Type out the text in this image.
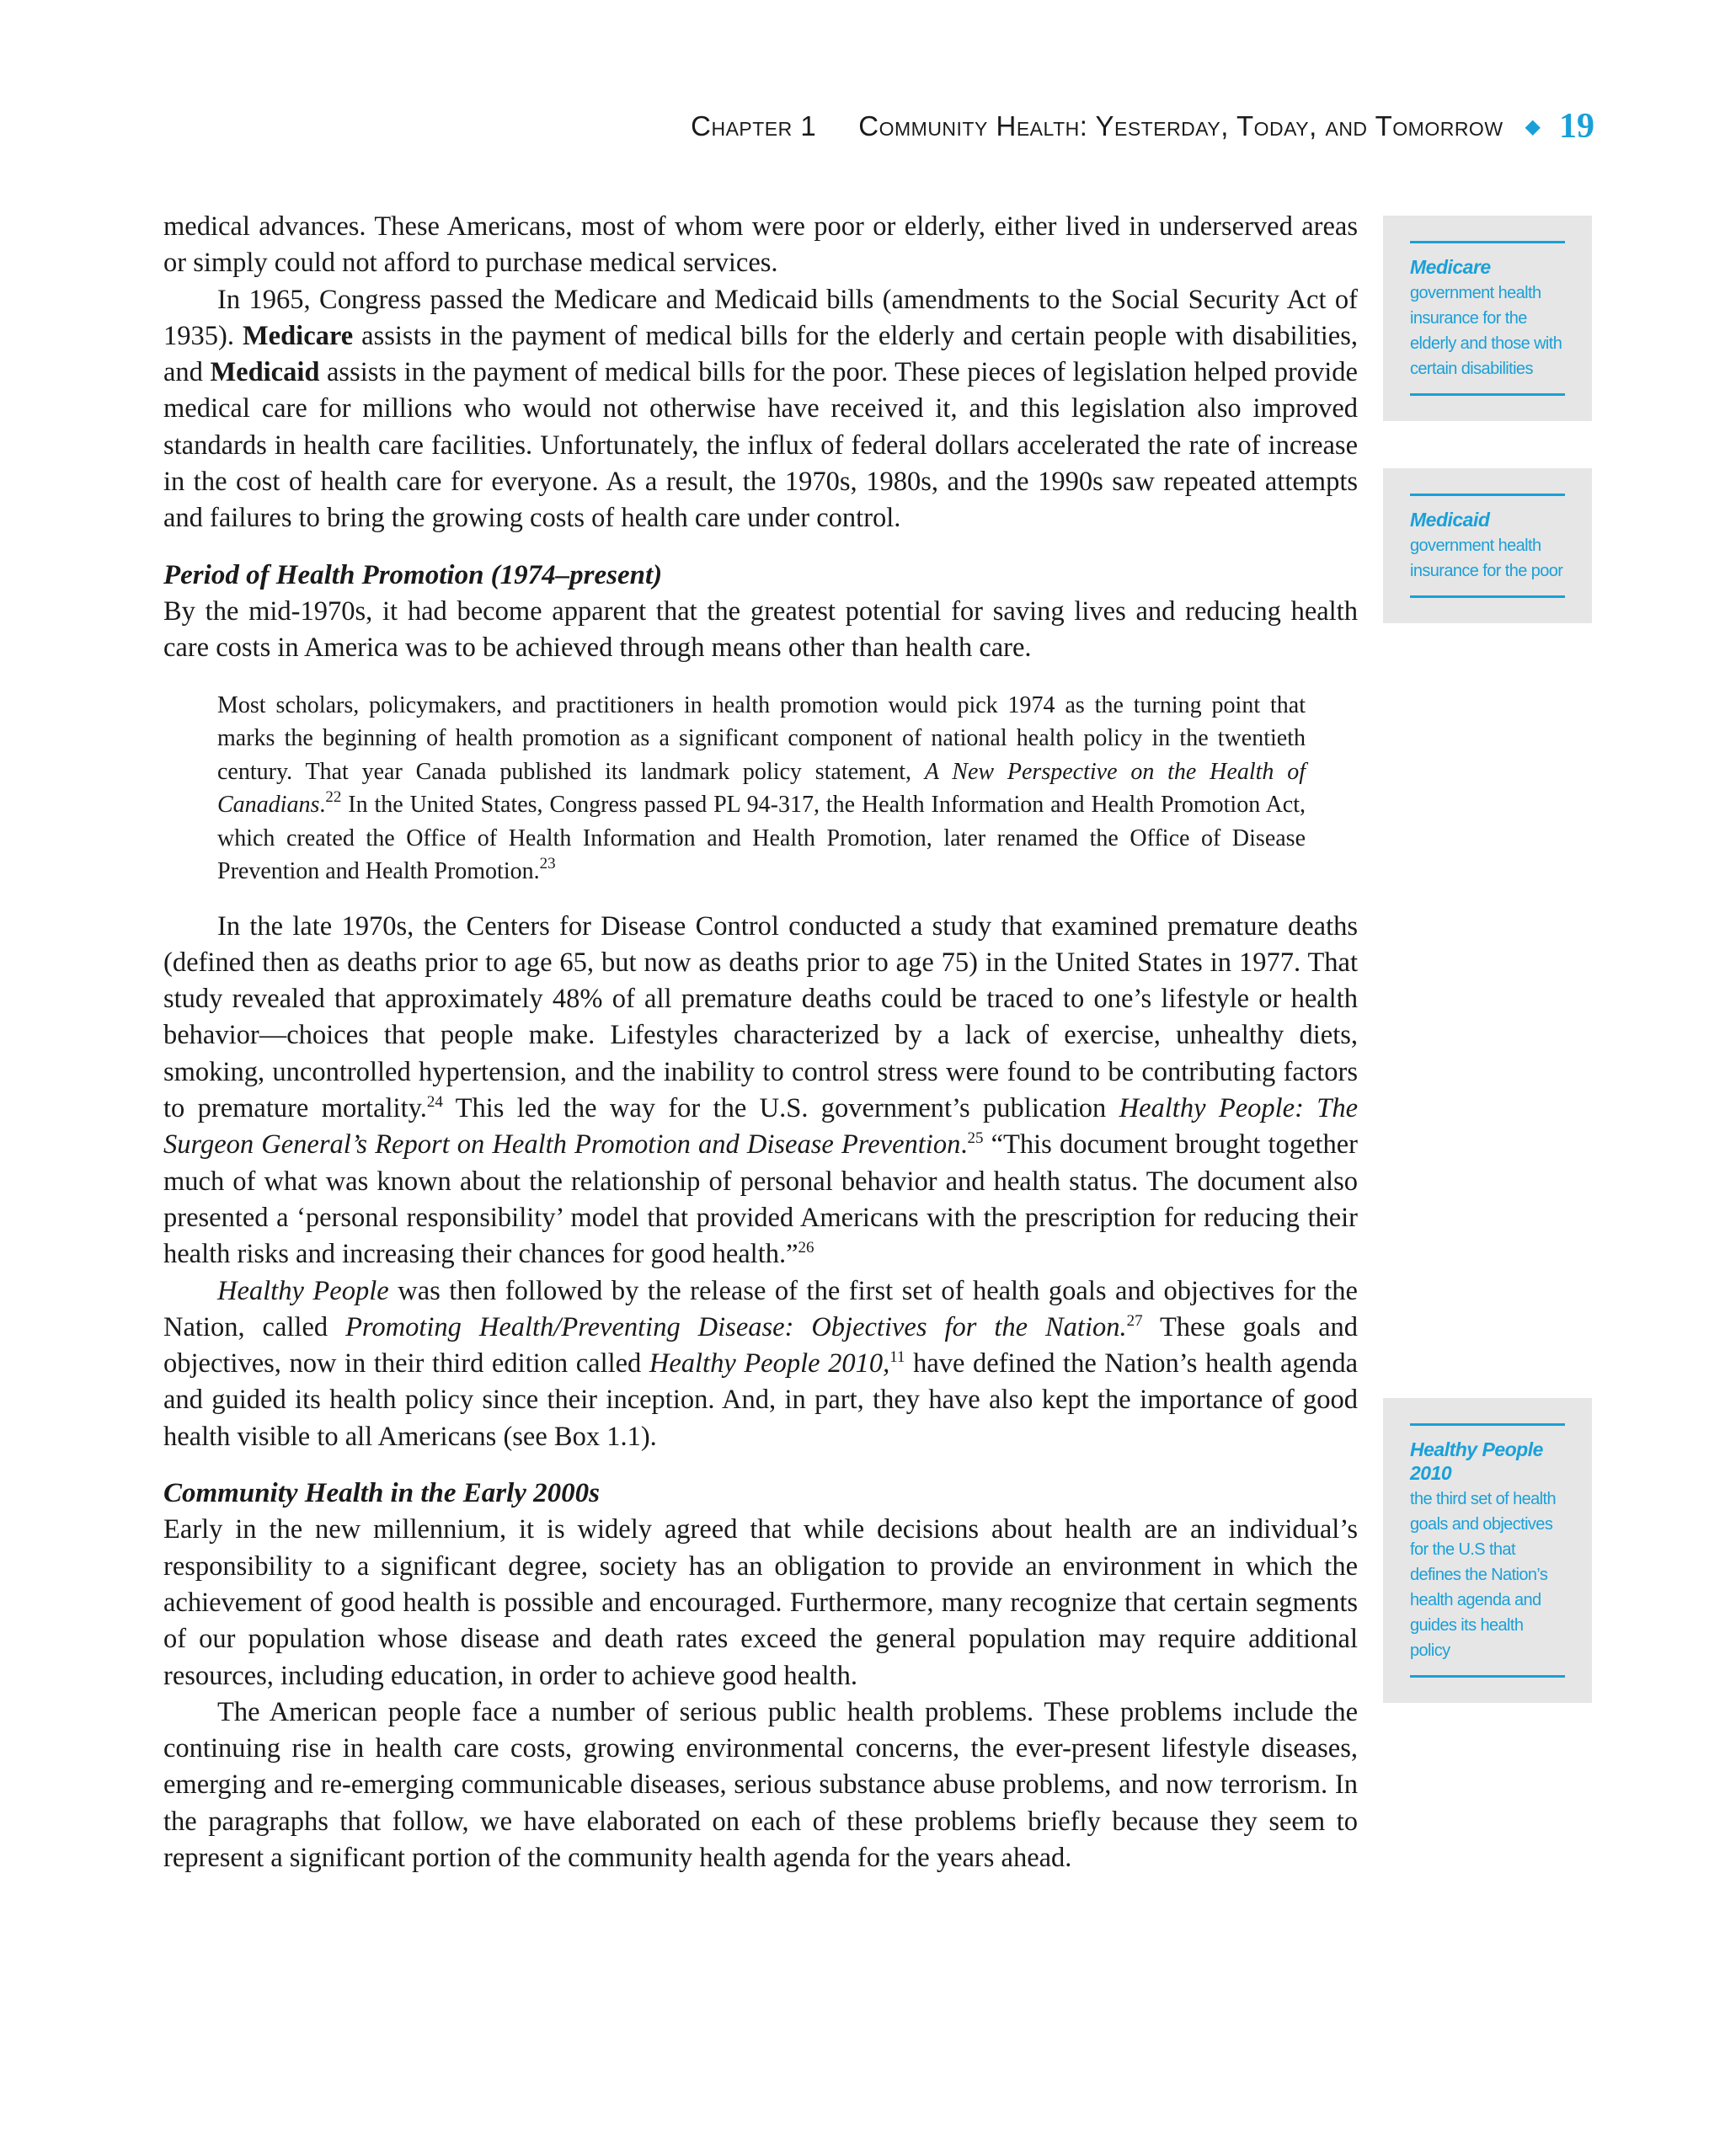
Chapter 1 Community Health: Yesterday, Today, and Tomorrow ◆ 19

medical advances. These Americans, most of whom were poor or elderly, either lived in underserved areas or simply could not afford to purchase medical services.

In 1965, Congress passed the Medicare and Medicaid bills (amendments to the Social Security Act of 1935). Medicare assists in the payment of medical bills for the elderly and certain people with disabilities, and Medicaid assists in the payment of medical bills for the poor. These pieces of legislation helped provide medical care for millions who would not otherwise have received it, and this legislation also improved standards in health care facilities. Unfortunately, the influx of federal dollars accelerated the rate of increase in the cost of health care for everyone. As a result, the 1970s, 1980s, and the 1990s saw repeated attempts and failures to bring the growing costs of health care under control.

Period of Health Promotion (1974–present)

By the mid-1970s, it had become apparent that the greatest potential for saving lives and reducing health care costs in America was to be achieved through means other than health care.

Most scholars, policymakers, and practitioners in health promotion would pick 1974 as the turning point that marks the beginning of health promotion as a significant component of national health policy in the twentieth century. That year Canada published its landmark policy statement, A New Perspective on the Health of Canadians.$^{22}$ In the United States, Congress passed PL 94-317, the Health Information and Health Promotion Act, which created the Office of Health Information and Health Promotion, later renamed the Office of Disease Prevention and Health Promotion.$^{23}$

In the late 1970s, the Centers for Disease Control conducted a study that examined premature deaths (defined then as deaths prior to age 65, but now as deaths prior to age 75) in the United States in 1977. That study revealed that approximately 48% of all premature deaths could be traced to one’s lifestyle or health behavior—choices that people make. Lifestyles characterized by a lack of exercise, unhealthy diets, smoking, uncontrolled hypertension, and the inability to control stress were found to be contributing factors to premature mortality.$^{24}$ This led the way for the U.S. government’s publication Healthy People: The Surgeon General’s Report on Health Promotion and Disease Prevention.$^{25}$ “This document brought together much of what was known about the relationship of personal behavior and health status. The document also presented a ‘personal responsibility’ model that provided Americans with the prescription for reducing their health risks and increasing their chances for good health.”$^{26}$

Healthy People was then followed by the release of the first set of health goals and objectives for the Nation, called Promoting Health/Preventing Disease: Objectives for the Nation.$^{27}$ These goals and objectives, now in their third edition called Healthy People 2010,11 have defined the Nation’s health agenda and guided its health policy since their inception. And, in part, they have also kept the importance of good health visible to all Americans (see Box 1.1).

Community Health in the Early 2000s

Early in the new millennium, it is widely agreed that while decisions about health are an individual’s responsibility to a significant degree, society has an obligation to provide an environment in which the achievement of good health is possible and encouraged. Furthermore, many recognize that certain segments of our population whose disease and death rates exceed the general population may require additional resources, including education, in order to achieve good health.

The American people face a number of serious public health problems. These problems include the continuing rise in health care costs, growing environmental concerns, the ever-present lifestyle diseases, emerging and re-emerging communicable diseases, serious substance abuse problems, and now terrorism. In the paragraphs that follow, we have elaborated on each of these problems briefly because they seem to represent a significant portion of the community health agenda for the years ahead.

Medicare
government health insurance for the elderly and those with certain disabilities
Medicaid
government health insurance for the poor
Healthy People 2010
the third set of health goals and objectives for the U.S that defines the Nation’s health agenda and guides its health policy
